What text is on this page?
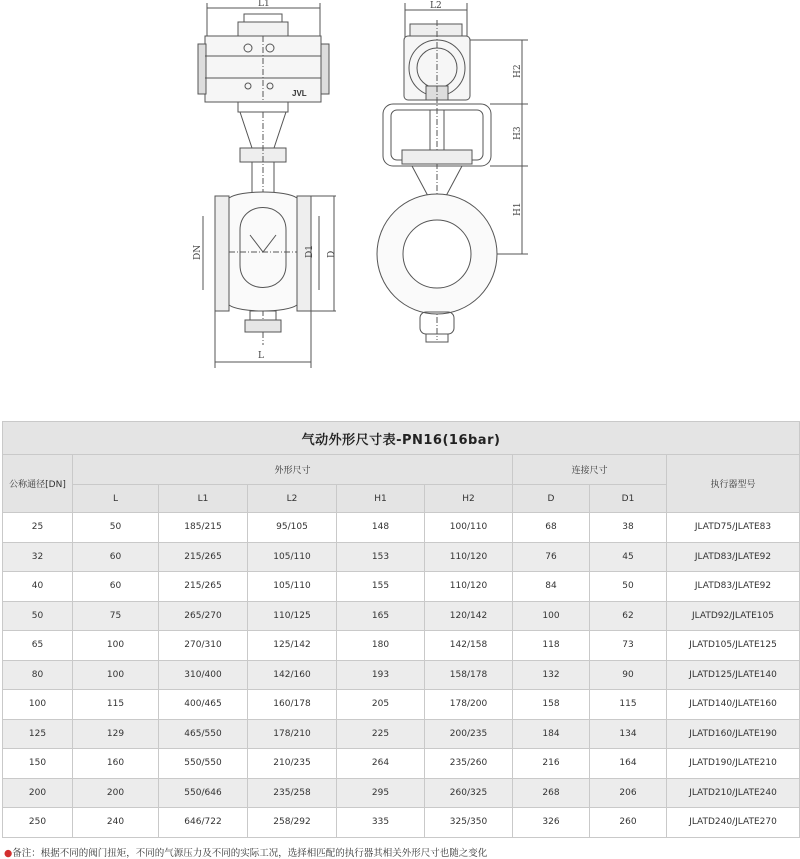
L1
JVL
DN	D1 D
L
L2
H2
H3
H1
气动外形尺寸表-PN16(16bar)								
公称通径[DN]	外形尺寸					连接尺寸		执行器型号
	L	L1	L2	H1	H2	D	D1	
25	50	185/215	95/105	148	100/110	68	38	JLATD75/JLATE83
32	60	215/265	105/110	153	110/120	76	45	JLATD83/JLATE92
40	60	215/265	105/110	155	110/120	84	50	JLATD83/JLATE92
50	75	265/270	110/125	165	120/142	100	62	JLATD92/JLATE105
65	100	270/310	125/142	180	142/158	118	73	JLATD105/JLATE125
80	100	310/400	142/160	193	158/178	132	90	JLATD125/JLATE140
100	115	400/465	160/178	205	178/200	158	115	JLATD140/JLATE160
125	129	465/550	178/210	225	200/235	184	134	JLATD160/JLATE190
150	160	550/550	210/235	264	235/260	216	164	JLATD190/JLATE210
200	200	550/646	235/258	295	260/325	268	206	JLATD210/JLATE240
250	240	646/722	258/292	335	325/350	326	260	JLATD240/JLATE270
●备注：根据不同的阀门扭矩，不同的气源压力及不同的实际工况，选择相匹配的执行器其相关外形尺寸也随之变化
